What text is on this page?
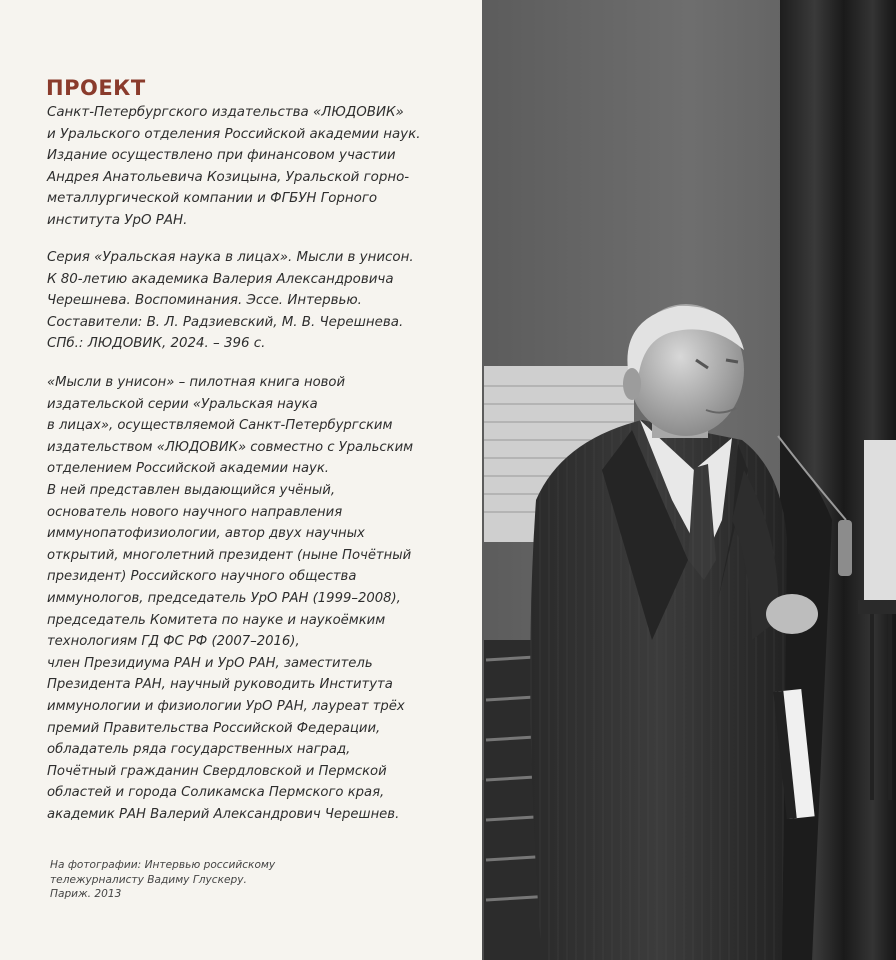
ПРОЕКТ
Санкт-Петербургского издательства «ЛЮДОВИК»
и Уральского отделения Российской академии наук.
Издание осуществлено при финансовом участии
Андрея Анатольевича Козицына, Уральской горно-
металлургической компании и ФГБУН Горного
института УрО РАН.
Серия «Уральская наука в лицах». Мысли в унисон.
К 80-летию академика Валерия Александровича
Черешнева. Воспоминания. Эссе. Интервью.
Составители: В. Л. Радзиевский, М. В. Черешнева.
СПб.: ЛЮДОВИК, 2024. – 396 с.
«Мысли в унисон» – пилотная книга новой
издательской серии «Уральская наука
в лицах», осуществляемой Санкт-Петербургским
издательством «ЛЮДОВИК» совместно с Уральским
отделением Российской академии наук.
В ней представлен выдающийся учёный,
основатель нового научного направления
иммунопатофизиологии, автор двух научных
открытий, многолетний президент (ныне Почётный
президент) Российского научного общества
иммунологов, председатель УрО РАН (1999–2008),
председатель Комитета по науке и наукоёмким
технологиям ГД ФС РФ (2007–2016),
член Президиума РАН и УрО РАН, заместитель
Президента РАН, научный руководить Института
иммунологии и физиологии УрО РАН, лауреат трёх
премий Правительства Российской Федерации,
обладатель ряда государственных наград,
Почётный гражданин Свердловской и Пермской
областей и города Соликамска Пермского края,
академик РАН Валерий Александрович Черешнев.
На фотографии: Интервью российскому
тележурналисту Вадиму Глускеру.
Париж. 2013
